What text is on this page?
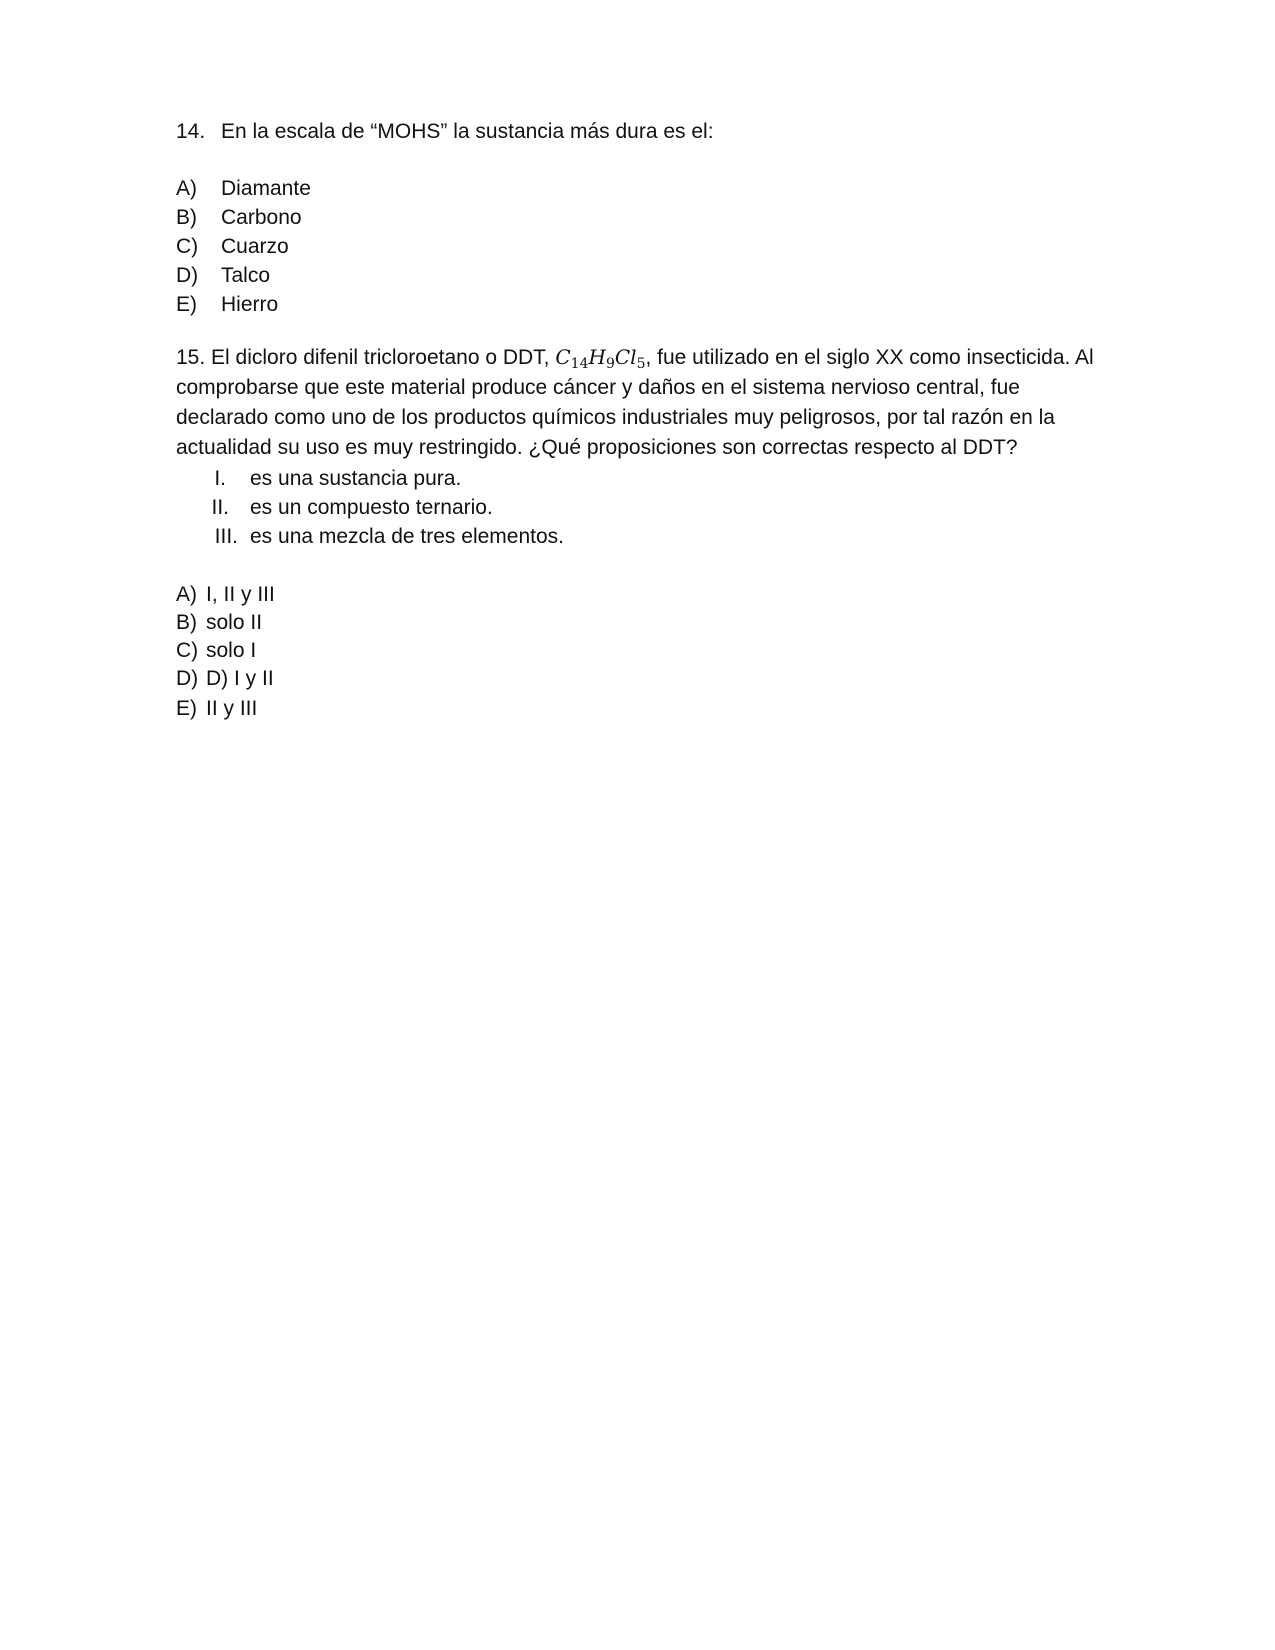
14. En la escala de “MOHS” la sustancia más dura es el:
A) Diamante
B) Carbono
C) Cuarzo
D) Talco
E) Hierro
15. El dicloro difenil tricloroetano o DDT, $C_{14}H_9Cl_5$, fue utilizado en el siglo XX como insecticida. Al comprobarse que este material produce cáncer y daños en el sistema nervioso central, fue declarado como uno de los productos químicos industriales muy peligrosos, por tal razón en la actualidad su uso es muy restringido. ¿Qué proposiciones son correctas respecto al DDT?
I. es una sustancia pura.
II. es un compuesto ternario.
III. es una mezcla de tres elementos.
A) I, II y III
B) solo II
C) solo I
D) D) I y II
E) II y III
